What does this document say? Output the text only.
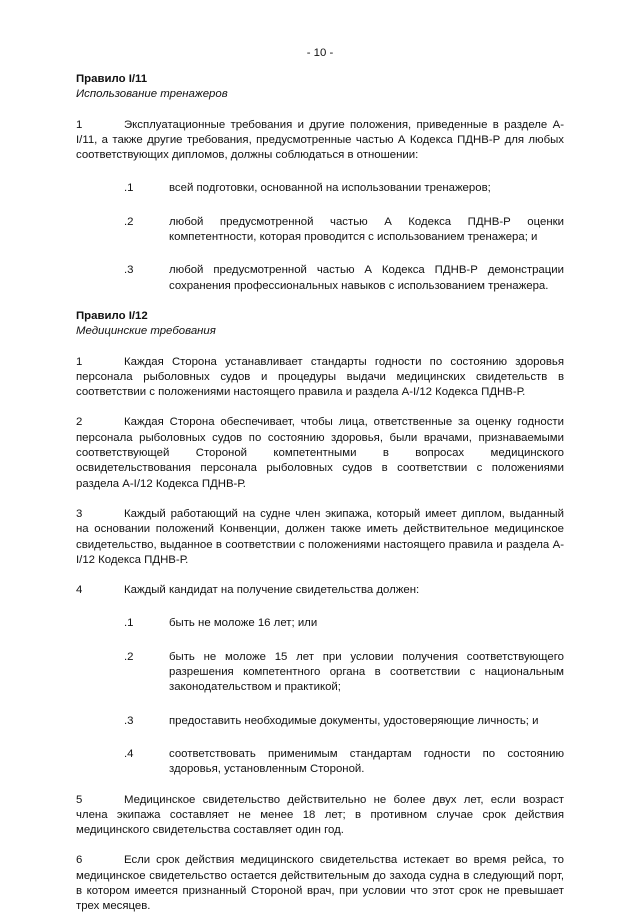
- 10 -

Правило I/11

Использование тренажеров

1	Эксплуатационные требования и другие положения, приведенные в разделе A-I/11, а также другие требования, предусмотренные частью А Кодекса ПДНВ-Р для любых соответствующих дипломов, должны соблюдаться в отношении:

.1	всей подготовки, основанной на использовании тренажеров;

.2	любой предусмотренной частью А Кодекса ПДНВ-Р оценки компетентности, которая проводится с использованием тренажера; и

.3	любой предусмотренной частью А Кодекса ПДНВ-Р демонстрации сохранения профессиональных навыков с использованием тренажера.

Правило I/12

Медицинские требования

1	Каждая Сторона устанавливает стандарты годности по состоянию здоровья персонала рыболовных судов и процедуры выдачи медицинских свидетельств в соответствии с положениями настоящего правила и раздела A-I/12 Кодекса ПДНВ-Р.

2	Каждая Сторона обеспечивает, чтобы лица, ответственные за оценку годности персонала рыболовных судов по состоянию здоровья, были врачами, признаваемыми соответствующей Стороной компетентными в вопросах медицинского освидетельствования персонала рыболовных судов в соответствии с положениями раздела A-I/12 Кодекса ПДНВ-Р.

3	Каждый работающий на судне член экипажа, который имеет диплом, выданный на основании положений Конвенции, должен также иметь действительное медицинское свидетельство, выданное в соответствии с положениями настоящего правила и раздела A-I/12 Кодекса ПДНВ-Р.

4	Каждый кандидат на получение свидетельства должен:

.1	быть не моложе 16 лет; или

.2	быть не моложе 15 лет при условии получения соответствующего разрешения компетентного органа в соответствии с национальным законодательством и практикой;

.3	предоставить необходимые документы, удостоверяющие личность; и

.4	соответствовать применимым стандартам годности по состоянию здоровья, установленным Стороной.

5	Медицинское свидетельство действительно не более двух лет, если возраст члена экипажа составляет не менее 18 лет; в противном случае срок действия медицинского свидетельства составляет один год.

6	Если срок действия медицинского свидетельства истекает во время рейса, то медицинское свидетельство остается действительным до захода судна в следующий порт, в котором имеется признанный Стороной врач, при условии что этот срок не превышает трех месяцев.
